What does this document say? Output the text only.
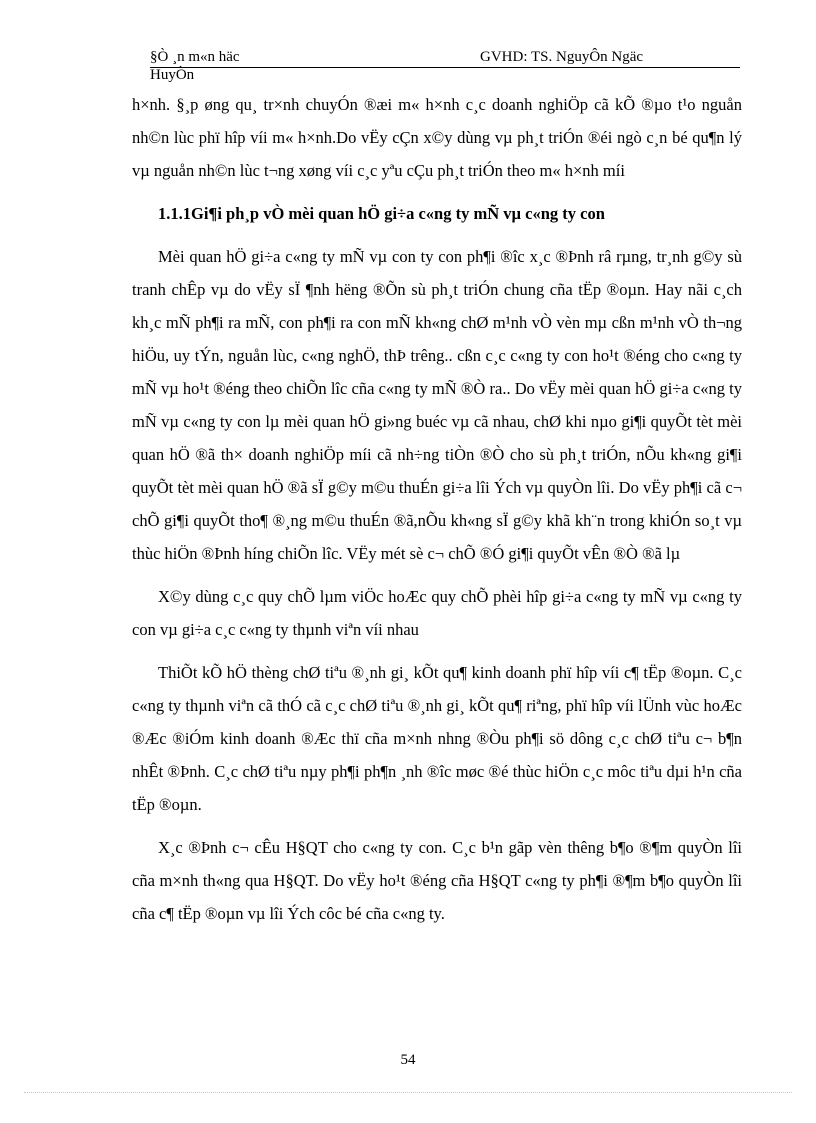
§Ò ¸n m«n häc	GVHD: TS. NguyÔn Ngäc
HuyÒn

h×nh. §¸p øng qu¸ tr×nh chuyÓn ®æi m« h×nh c¸c doanh nghiÖp cã kÕ ®µo t¹o nguån nh©n lùc phï hîp víi m« h×nh.Do vËy cÇn x©y dùng vµ ph¸t triÓn ®éi ngò c¸n bé qu¶n lý vµ nguån nh©n lùc t¬ng xøng víi c¸c yªu cÇu ph¸t triÓn theo m« h×nh míi

1.1.1Gi¶i ph¸p vÒ mèi quan hÖ gi÷a c«ng ty mÑ vµ c«ng ty con

Mèi quan hÖ gi÷a c«ng ty mÑ vµ con ty con ph¶i ®îc x¸c ®Þnh râ rµng, tr¸nh g©y sù tranh chÊp vµ do vËy sÏ ¶nh hëng ®Õn sù ph¸t triÓn chung cña tËp ®oµn. Hay nãi c¸ch kh¸c mÑ ph¶i ra mÑ, con ph¶i ra con mÑ kh«ng chØ m¹nh vÒ vèn mµ cßn m¹nh vÒ th¬ng hiÖu, uy tÝn, nguån lùc, c«ng nghÖ, thÞ trêng.. cßn c¸c c«ng ty con ho¹t ®éng cho c«ng ty mÑ vµ ho¹t ®éng theo chiÕn lîc cña c«ng ty mÑ ®Ò ra.. Do vËy mèi quan hÖ gi÷a c«ng ty mÑ vµ c«ng ty con lµ mèi quan hÖ gi»ng buéc vµ cã nhau, chØ khi nµo gi¶i quyÕt tèt mèi quan hÖ ®ã th× doanh nghiÖp míi cã nh÷ng tiÒn ®Ò cho sù ph¸t triÓn, nÕu kh«ng gi¶i quyÕt tèt mèi quan hÖ ®ã sÏ g©y m©u thuÉn gi÷a lîi Ých vµ quyÒn lîi. Do vËy ph¶i cã c¬ chÕ gi¶i quyÕt tho¶ ®¸ng m©u thuÉn ®ã,nÕu kh«ng sÏ g©y khã kh¨n trong khiÓn so¸t vµ thùc hiÖn ®Þnh híng chiÕn lîc. VËy mét sè c¬ chÕ ®Ó gi¶i quyÕt vÊn ®Ò ®ã lµ

X©y dùng c¸c quy chÕ lµm viÖc hoÆc quy chÕ phèi hîp gi÷a c«ng ty mÑ vµ c«ng ty con vµ gi÷a c¸c c«ng ty thµnh viªn víi nhau

ThiÕt kÕ hÖ thèng chØ tiªu ®¸nh gi¸ kÕt qu¶ kinh doanh phï hîp víi c¶ tËp ®oµn. C¸c c«ng ty thµnh viªn cã thÓ cã c¸c chØ tiªu ®¸nh gi¸ kÕt qu¶ riªng, phï hîp víi lÜnh vùc hoÆc ®Æc ®iÓm kinh doanh ®Æc thï cña m×nh nhng ®Òu ph¶i sö dông c¸c chØ tiªu c¬ b¶n nhÊt ®Þnh. C¸c chØ tiªu nµy ph¶i ph¶n ¸nh ®îc møc ®é thùc hiÖn c¸c môc tiªu dµi h¹n cña tËp ®oµn.

X¸c ®Þnh c¬ cÊu H§QT cho c«ng ty con. C¸c b¹n gãp vèn thêng b¶o ®¶m quyÒn lîi cña m×nh th«ng qua H§QT. Do vËy ho¹t ®éng cña H§QT c«ng ty ph¶i ®¶m b¶o quyÒn lîi cña c¶ tËp ®oµn vµ lîi Ých côc bé cña c«ng ty.

54
